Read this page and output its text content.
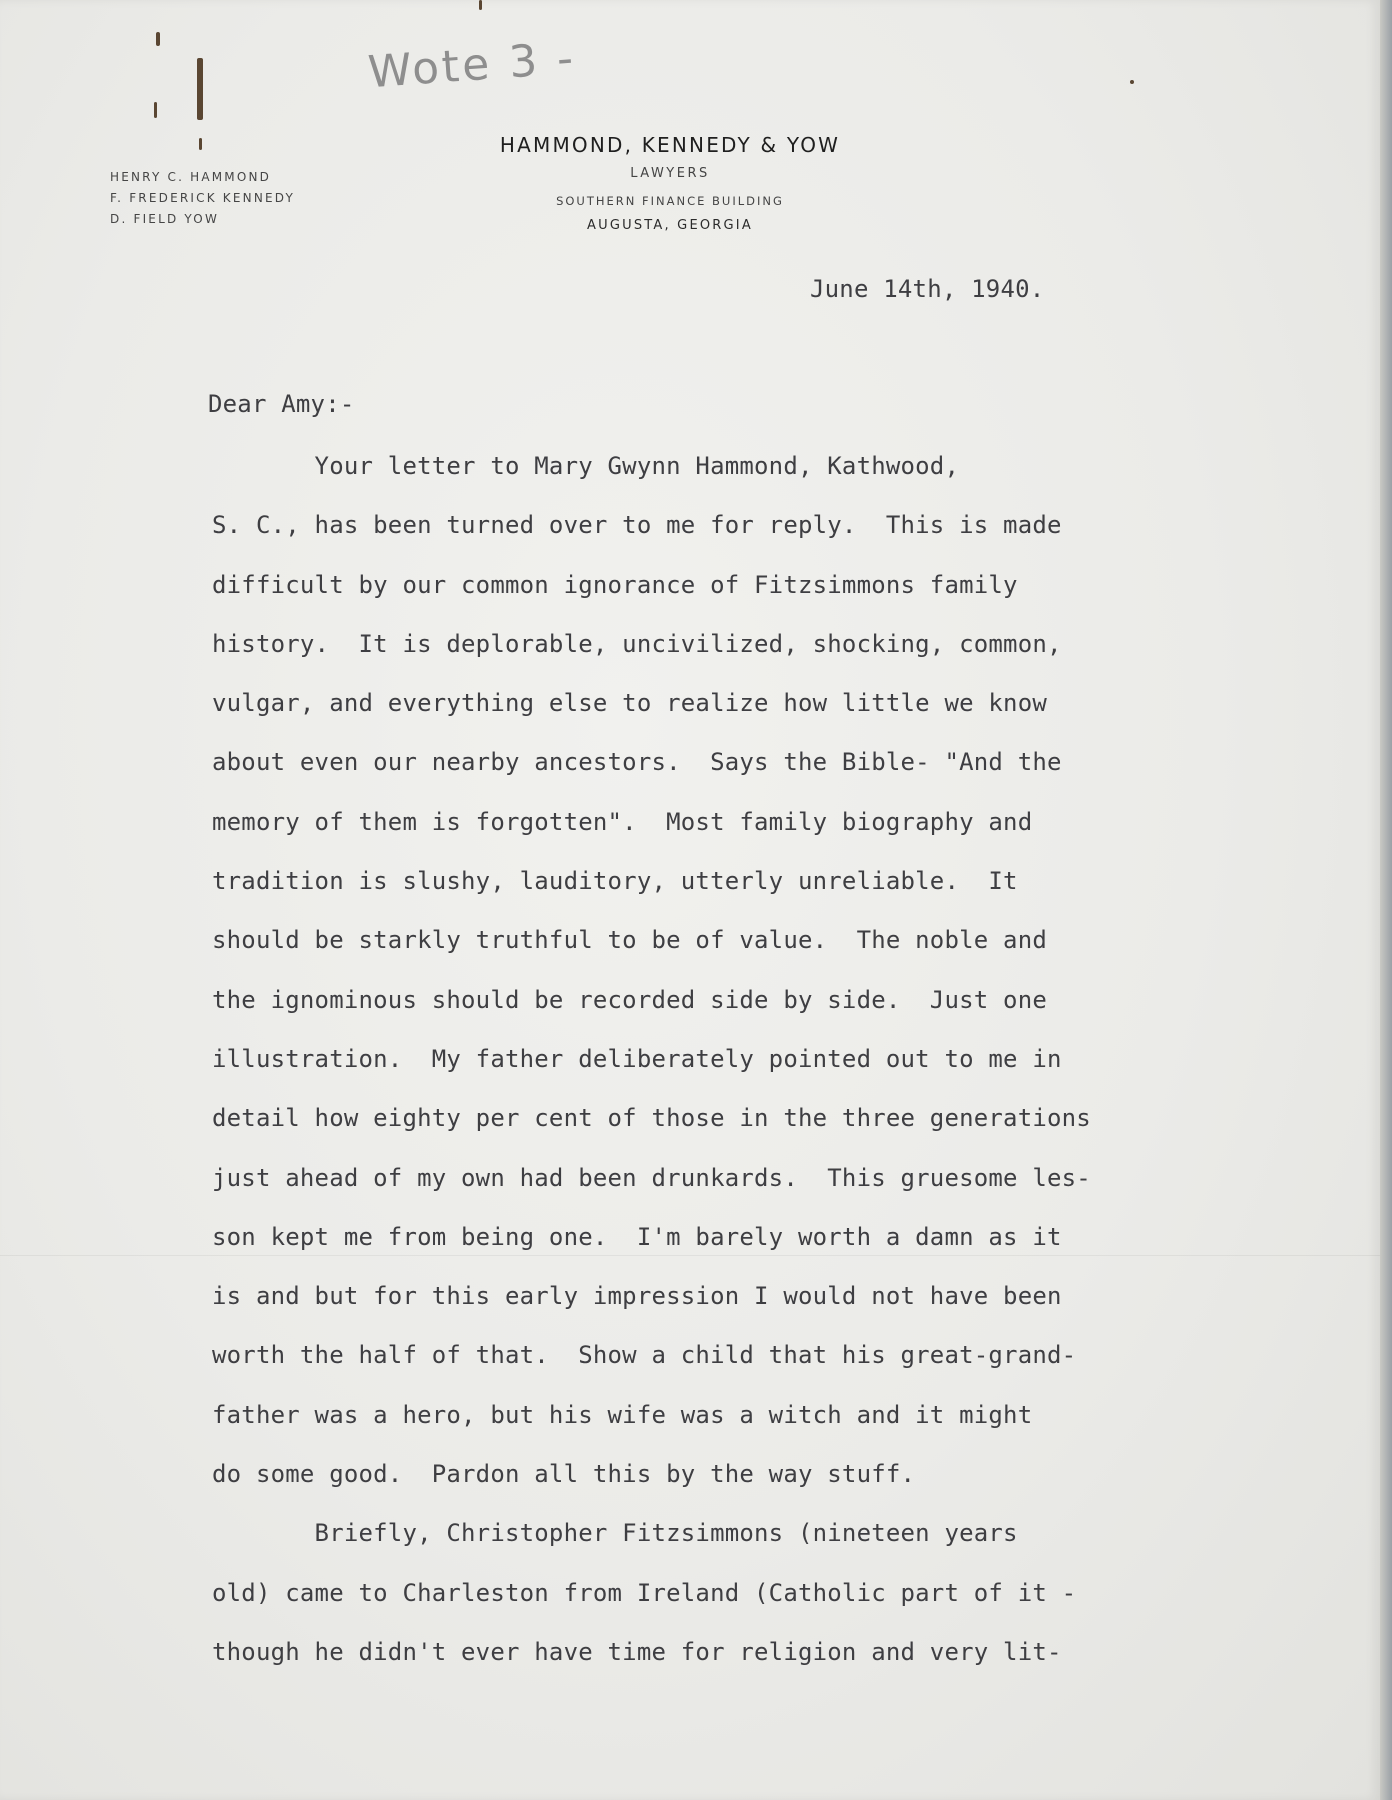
Wote 3 -
HENRY C. HAMMOND
F. FREDERICK KENNEDY
D. FIELD YOW
HAMMOND, KENNEDY & YOW
LAWYERS
SOUTHERN FINANCE BUILDING
AUGUSTA, GEORGIA
June 14th, 1940.
Dear Amy:-
Your letter to Mary Gwynn Hammond, Kathwood,
S. C., has been turned over to me for reply.  This is made
difficult by our common ignorance of Fitzsimmons family
history.  It is deplorable, uncivilized, shocking, common,
vulgar, and everything else to realize how little we know
about even our nearby ancestors.  Says the Bible- "And the
memory of them is forgotten".  Most family biography and
tradition is slushy, lauditory, utterly unreliable.  It
should be starkly truthful to be of value.  The noble and
the ignominous should be recorded side by side.  Just one
illustration.  My father deliberately pointed out to me in
detail how eighty per cent of those in the three generations
just ahead of my own had been drunkards.  This gruesome les-
son kept me from being one.  I'm barely worth a damn as it
is and but for this early impression I would not have been
worth the half of that.  Show a child that his great-grand-
father was a hero, but his wife was a witch and it might
do some good.  Pardon all this by the way stuff.
Briefly, Christopher Fitzsimmons (nineteen years
old) came to Charleston from Ireland (Catholic part of it -
though he didn't ever have time for religion and very lit-
